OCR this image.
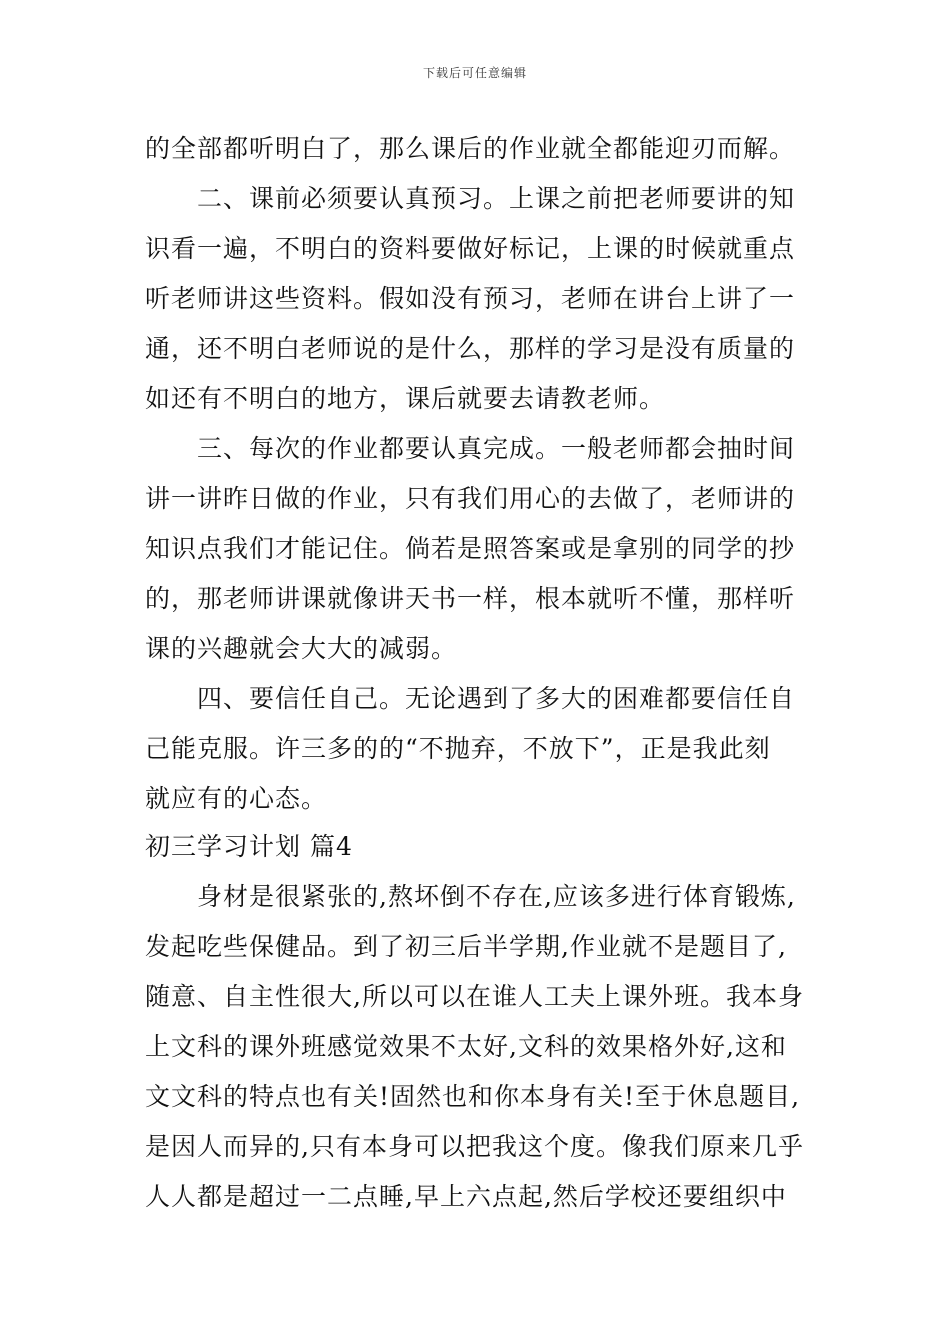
下载后可任意编辑
的全部都听明白了，那么课后的作业就全都能迎刃而解。
二、课前必须要认真预习。上课之前把老师要讲的知
识看一遍，不明白的资料要做好标记，上课的时候就重点
听老师讲这些资料。假如没有预习，老师在讲台上讲了一
通，还不明白老师说的是什么，那样的学习是没有质量的
如还有不明白的地方，课后就要去请教老师。
三、每次的作业都要认真完成。一般老师都会抽时间
讲一讲昨日做的作业，只有我们用心的去做了，老师讲的
知识点我们才能记住。倘若是照答案或是拿别的同学的抄
的，那老师讲课就像讲天书一样，根本就听不懂，那样听
课的兴趣就会大大的减弱。
四、要信任自己。无论遇到了多大的困难都要信任自
己能克服。许三多的的“不抛弃，不放下”，正是我此刻
就应有的心态。
初三学习计划 篇4
身材是很紧张的,熬坏倒不存在,应该多进行体育锻炼,
发起吃些保健品。到了初三后半学期,作业就不是题目了,
随意、自主性很大,所以可以在谁人工夫上课外班。我本身
上文科的课外班感觉效果不太好,文科的效果格外好,这和
文文科的特点也有关!固然也和你本身有关!至于休息题目,
是因人而异的,只有本身可以把我这个度。像我们原来几乎
人人都是超过一二点睡,早上六点起,然后学校还要组织中
